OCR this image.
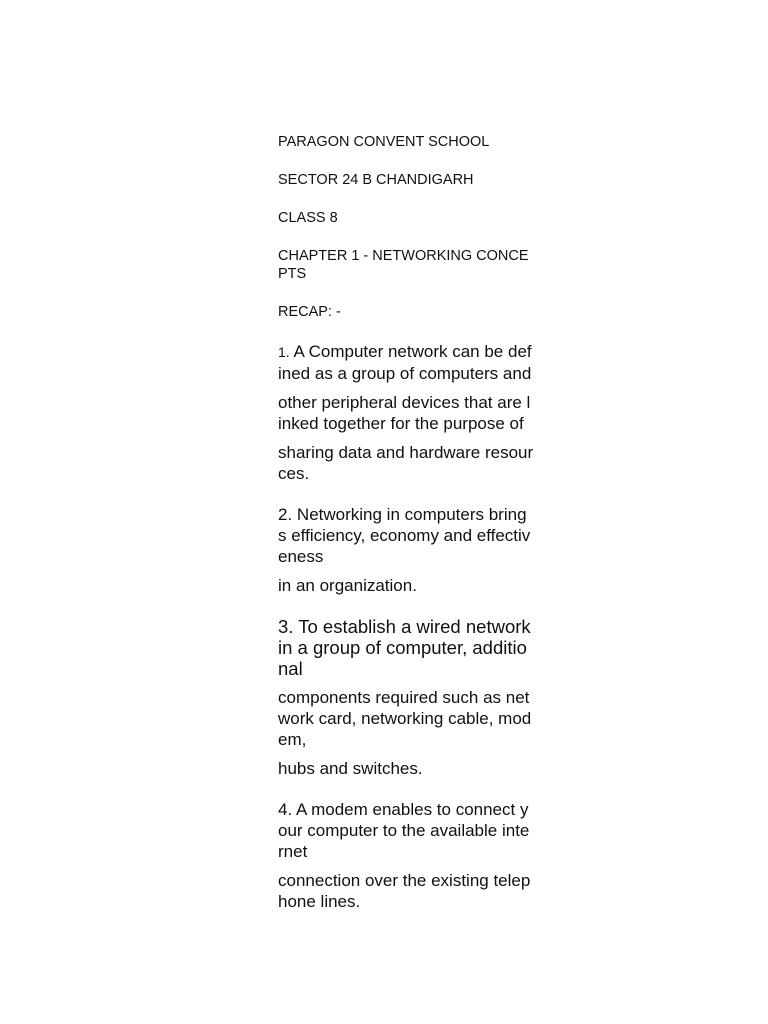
PARAGON CONVENT SCHOOL

SECTOR 24 B CHANDIGARH

CLASS 8

CHAPTER 1 - NETWORKING CONCEPTS

RECAP: -

1. A Computer network can be defined as a group of computers and

other peripheral devices that are linked together for the purpose of

sharing data and hardware resources.

2. Networking in computers brings efficiency, economy and effectiveness

in an organization.

3. To establish a wired network in a group of computer, additional

components required such as network card, networking cable, modem,

hubs and switches.

4. A modem enables to connect your computer to the available internet

connection over the existing telephone lines.
